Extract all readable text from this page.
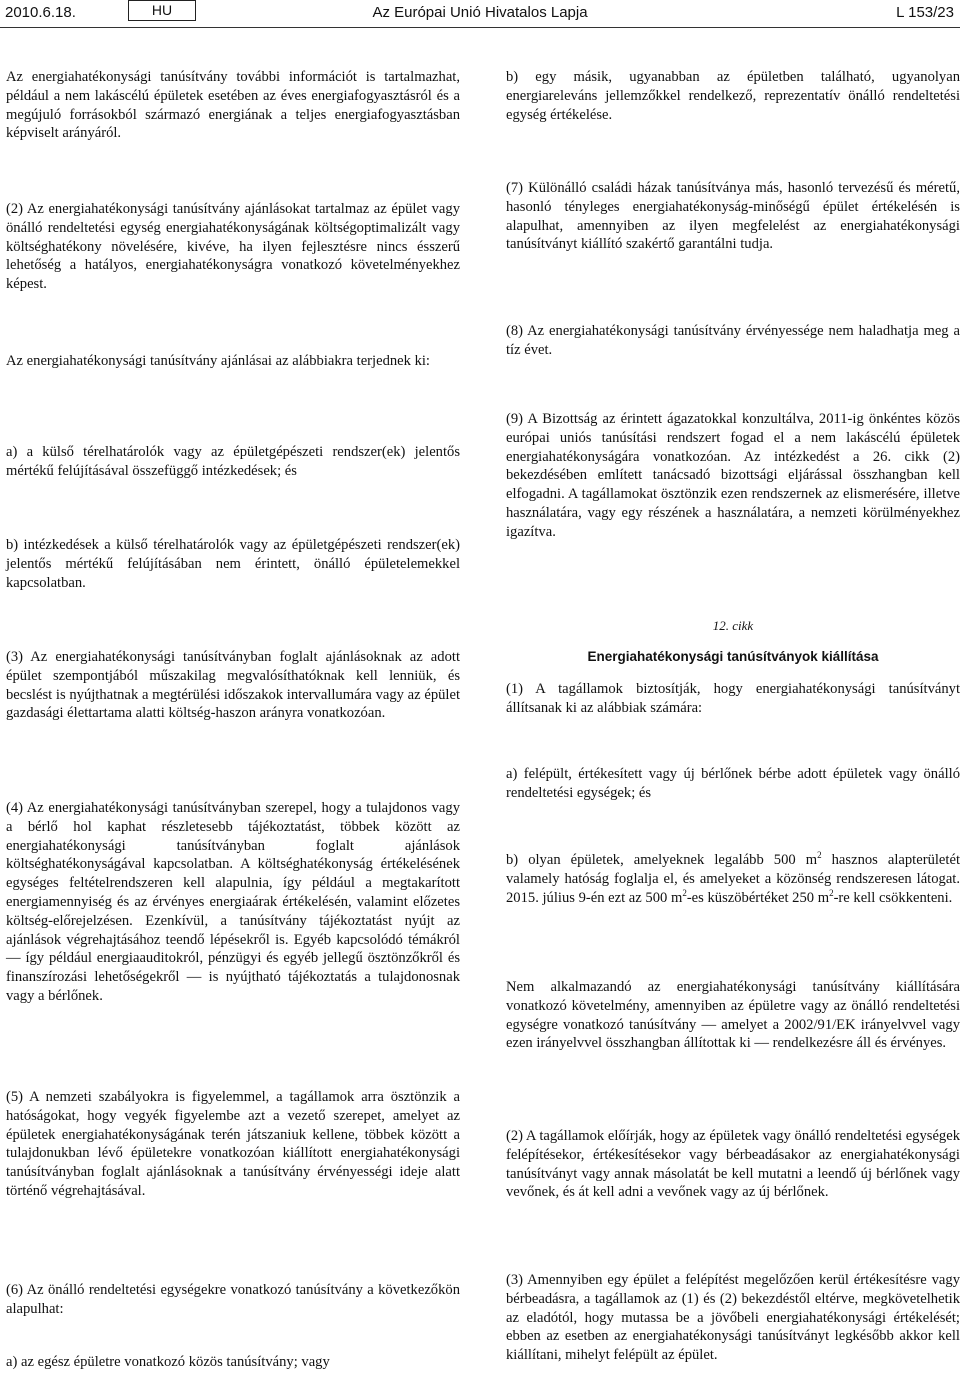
2010.6.18.	HU	Az Európai Unió Hivatalos Lapja	L 153/23

Az energiahatékonysági tanúsítvány további információt is tartalmazhat, például a nem lakáscélú épületek esetében az éves energiafogyasztásról és a megújuló forrásokból származó energiának a teljes energiafogyasztásban képviselt arányáról.

(2) Az energiahatékonysági tanúsítvány ajánlásokat tartalmaz az épület vagy önálló rendeltetési egység energiahatékonyságának költségoptimalizált vagy költséghatékony növelésére, kivéve, ha ilyen fejlesztésre nincs ésszerű lehetőség a hatályos, energiahatékonyságra vonatkozó követelményekhez képest.

Az energiahatékonysági tanúsítvány ajánlásai az alábbiakra terjednek ki:

a) a külső térelhatárolók vagy az épületgépészeti rendszer(ek) jelentős mértékű felújításával összefüggő intézkedések; és

b) intézkedések a külső térelhatárolók vagy az épületgépészeti rendszer(ek) jelentős mértékű felújításában nem érintett, önálló épületelemekkel kapcsolatban.

(3) Az energiahatékonysági tanúsítványban foglalt ajánlásoknak az adott épület szempontjából műszakilag megvalósíthatóknak kell lenniük, és becslést is nyújthatnak a megtérülési időszakok intervallumára vagy az épület gazdasági élettartama alatti költség-haszon arányra vonatkozóan.

(4) Az energiahatékonysági tanúsítványban szerepel, hogy a tulajdonos vagy a bérlő hol kaphat részletesebb tájékoztatást, többek között az energiahatékonysági tanúsítványban foglalt ajánlások költséghatékonyságával kapcsolatban. A költséghatékonyság értékelésének egységes feltételrendszeren kell alapulnia, így például a megtakarított energiamennyiség és az érvényes energiaárak értékelésén, valamint előzetes költség-előrejelzésen. Ezenkívül, a tanúsítvány tájékoztatást nyújt az ajánlások végrehajtásához teendő lépésekről is. Egyéb kapcsolódó témákról — így például energiaauditokról, pénzügyi és egyéb jellegű ösztönzőkről és finanszírozási lehetőségekről — is nyújtható tájékoztatás a tulajdonosnak vagy a bérlőnek.

(5) A nemzeti szabályokra is figyelemmel, a tagállamok arra ösztönzik a hatóságokat, hogy vegyék figyelembe azt a vezető szerepet, amelyet az épületek energiahatékonyságának terén játszaniuk kellene, többek között a tulajdonukban lévő épületekre vonatkozóan kiállított energiahatékonysági tanúsítványban foglalt ajánlásoknak a tanúsítvány érvényességi ideje alatt történő végrehajtásával.

(6) Az önálló rendeltetési egységekre vonatkozó tanúsítvány a következőkön alapulhat:

a) az egész épületre vonatkozó közös tanúsítvány; vagy

b) egy másik, ugyanabban az épületben található, ugyanolyan energiareleváns jellemzőkkel rendelkező, reprezentatív önálló rendeltetési egység értékelése.

(7) Különálló családi házak tanúsítványa más, hasonló tervezésű és méretű, hasonló tényleges energiahatékonyság-minőségű épület értékelésén is alapulhat, amennyiben az ilyen megfelelést az energiahatékonysági tanúsítványt kiállító szakértő garantálni tudja.

(8) Az energiahatékonysági tanúsítvány érvényessége nem haladhatja meg a tíz évet.

(9) A Bizottság az érintett ágazatokkal konzultálva, 2011-ig önkéntes közös európai uniós tanúsítási rendszert fogad el a nem lakáscélú épületek energiahatékonyságára vonatkozóan. Az intézkedést a 26. cikk (2) bekezdésében említett tanácsadó bizottsági eljárással összhangban kell elfogadni. A tagállamokat ösztönzik ezen rendszernek az elismerésére, illetve használatára, vagy egy részének a használatára, a nemzeti körülményekhez igazítva.

12. cikk
Energiahatékonysági tanúsítványok kiállítása

(1) A tagállamok biztosítják, hogy energiahatékonysági tanúsítványt állítsanak ki az alábbiak számára:

a) felépült, értékesített vagy új bérlőnek bérbe adott épületek vagy önálló rendeltetési egységek; és

b) olyan épületek, amelyeknek legalább 500 $m^2$ hasznos alapterületét valamely hatóság foglalja el, és amelyeket a közönség rendszeresen látogat. 2015. július 9-én ezt az 500 $m^2-es$ küszöbértéket 250 $m^2-re$ kell csökkenteni.

Nem alkalmazandó az energiahatékonysági tanúsítvány kiállítására vonatkozó követelmény, amennyiben az épületre vagy az önálló rendeltetési egységre vonatkozó tanúsítvány — amelyet a 2002/91/EK irányelvvel vagy ezen irányelvvel összhangban állítottak ki — rendelkezésre áll és érvényes.

(2) A tagállamok előírják, hogy az épületek vagy önálló rendeltetési egységek felépítésekor, értékesítésekor vagy bérbeadásakor az energiahatékonysági tanúsítványt vagy annak másolatát be kell mutatni a leendő új bérlőnek vagy vevőnek, és át kell adni a vevőnek vagy az új bérlőnek.

(3) Amennyiben egy épület a felépítést megelőzően kerül értékesítésre vagy bérbeadásra, a tagállamok az (1) és (2) bekezdéstől eltérve, megkövetelhetik az eladótól, hogy mutassa be a jövőbeli energiahatékonysági értékelését; ebben az esetben az energiahatékonysági tanúsítványt legkésőbb akkor kell kiállítani, mihelyt felépült az épület.
